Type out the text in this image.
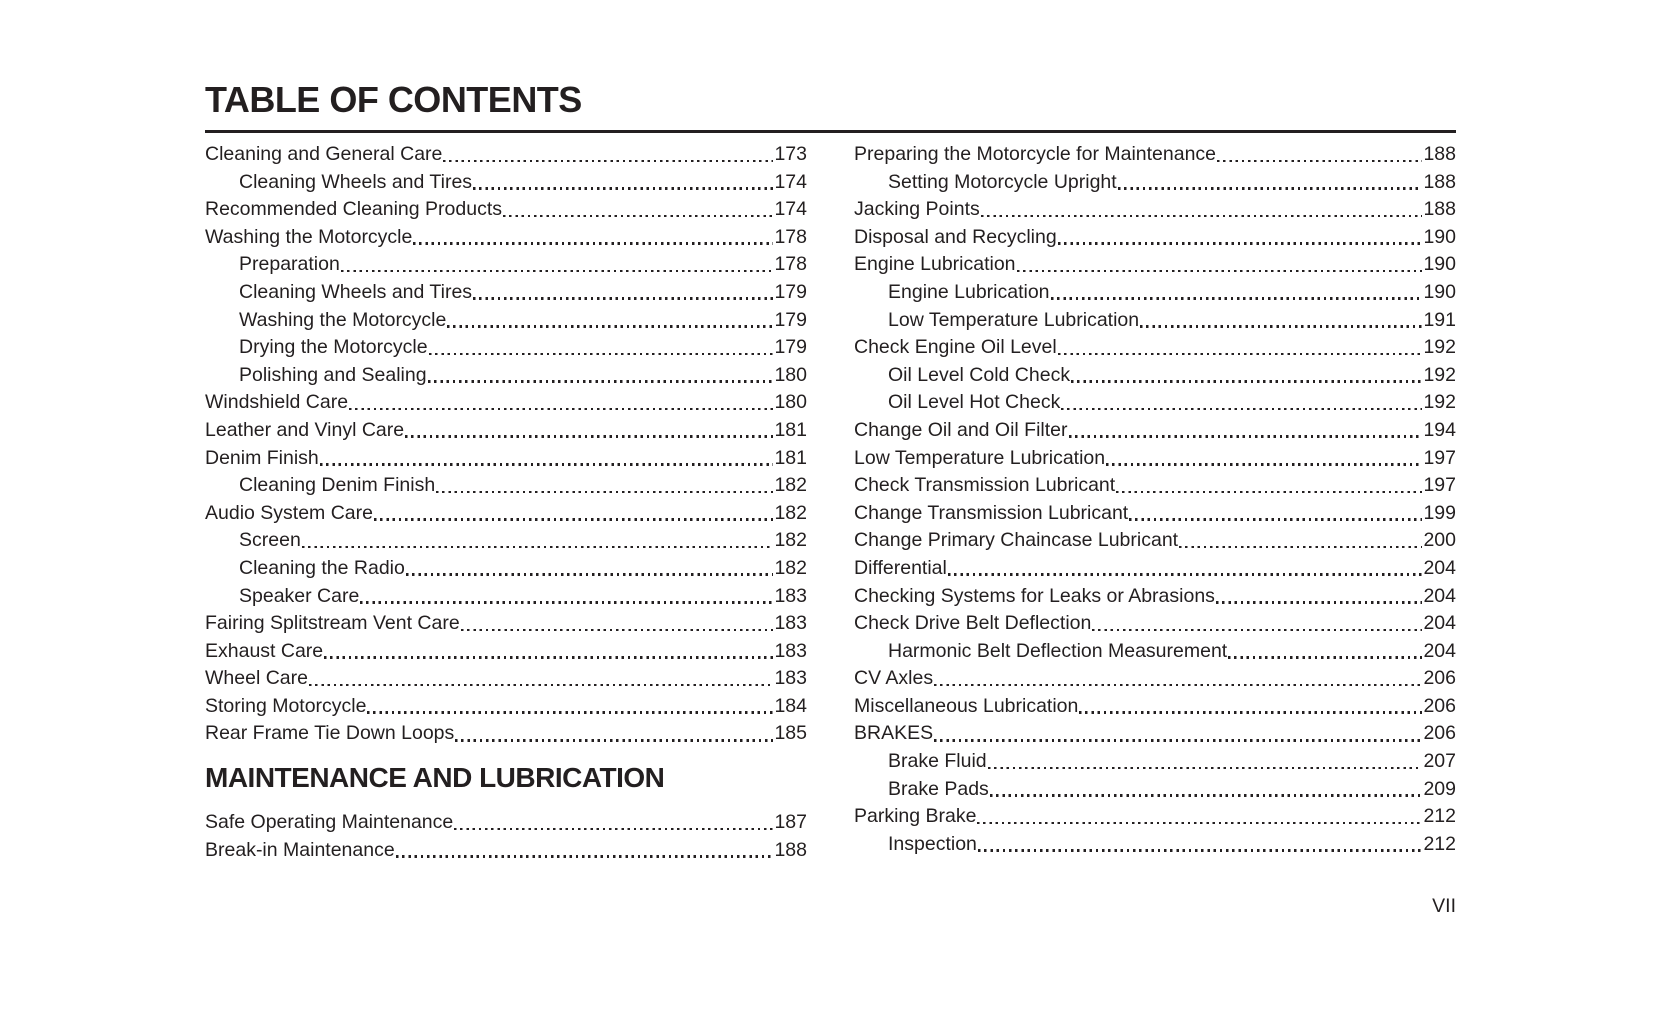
TABLE OF CONTENTS
Cleaning and General Care	173
Cleaning Wheels and Tires	174
Recommended Cleaning Products	174
Washing the Motorcycle	178
Preparation	178
Cleaning Wheels and Tires	179
Washing the Motorcycle	179
Drying the Motorcycle	179
Polishing and Sealing	180
Windshield Care	180
Leather and Vinyl Care	181
Denim Finish	181
Cleaning Denim Finish	182
Audio System Care	182
Screen	182
Cleaning the Radio	182
Speaker Care	183
Fairing Splitstream Vent Care	183
Exhaust Care	183
Wheel Care	183
Storing Motorcycle	184
Rear Frame Tie Down Loops	185
MAINTENANCE AND LUBRICATION
Safe Operating Maintenance	187
Break-in Maintenance	188
Preparing the Motorcycle for Maintenance	188
Setting Motorcycle Upright	188
Jacking Points	188
Disposal and Recycling	190
Engine Lubrication	190
Engine Lubrication	190
Low Temperature Lubrication	191
Check Engine Oil Level	192
Oil Level Cold Check	192
Oil Level Hot Check	192
Change Oil and Oil Filter	194
Low Temperature Lubrication	197
Check Transmission Lubricant	197
Change Transmission Lubricant	199
Change Primary Chaincase Lubricant	200
Differential	204
Checking Systems for Leaks or Abrasions	204
Check Drive Belt Deflection	204
Harmonic Belt Deflection Measurement	204
CV Axles	206
Miscellaneous Lubrication	206
BRAKES	206
Brake Fluid	207
Brake Pads	209
Parking Brake	212
Inspection	212
VII
